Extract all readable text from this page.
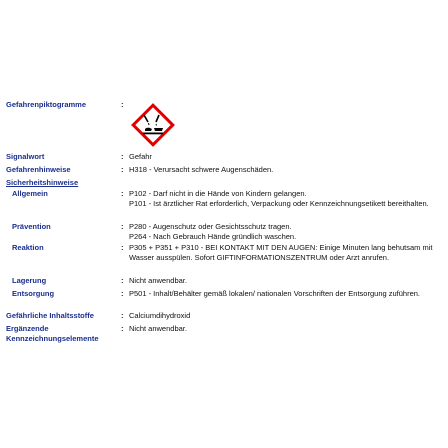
Gefahrenpiktogramme	:
Signalwort	: Gefahr
Gefahrenhinweise	: H318 - Verursacht schwere Augenschäden.
Sicherheitshinweise
Allgemein	: P102 - Darf nicht in die Hände von Kindern gelangen.

P101 - Ist ärztlicher Rat erforderlich, Verpackung oder Kennzeichnungsetikett bereithalten.

Prävention	: P280 - Augenschutz oder Gesichtsschutz tragen.

P264 - Nach Gebrauch Hände gründlich waschen.

Reaktion	: P305 + P351 + P310 - BEI KONTAKT MIT DEN AUGEN: Einige Minuten lang behutsam mit Wasser ausspülen. Sofort GIFTINFORMATIONSZENTRUM oder Arzt anrufen.
Lagerung	: Nicht anwendbar.
Entsorgung	: P501 - Inhalt/Behälter gemäß lokalen/ nationalen Vorschriften der Entsorgung zuführen.
Gefährliche Inhaltsstoffe	: Calciumdihydroxid
Ergänzende
Kennzeichnungselemente
: Nicht anwendbar.
